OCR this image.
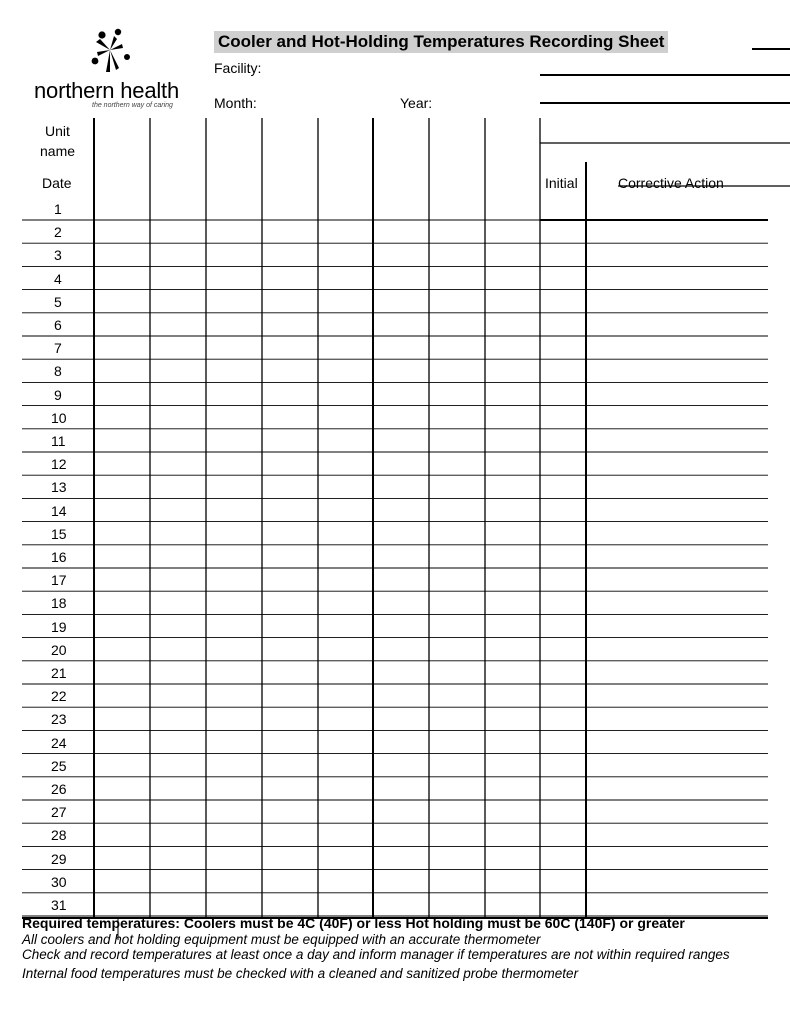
northern health
the northern way of caring
Cooler and Hot-Holding Temperatures Recording Sheet
Facility:
Month:	Year:
Unit
name
Date	Initial	Corrective Action
1
2
3
4
5
6
7
8
9
10
11
12
13
14
15
16
17
18
19
20
21
22
23
24
25
26
27
28
29
30
31
Required temperatures: Coolers must be 4C (40F) or less Hot holding must be 60C (140F) or greater
All coolers and hot holding equipment must be equipped with an accurate thermometer
Check and record temperatures at least once a day and inform manager if temperatures are not within required ranges
Internal food temperatures must be checked with a cleaned and sanitized probe thermometer
